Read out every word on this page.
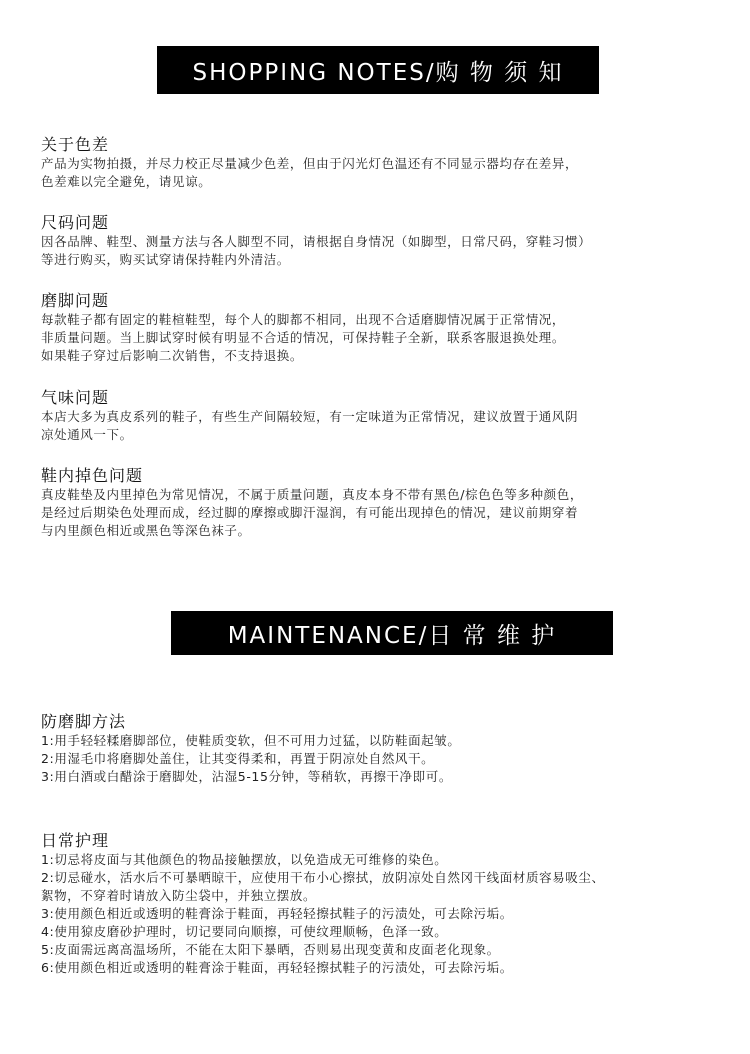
SHOPPING NOTES/购 物 须 知
关于色差

产品为实物拍摄，并尽力校正尽量减少色差，但由于闪光灯色温还有不同显示器均存在差异，

色差难以完全避免，请见谅。

尺码问题

因各品牌、鞋型、测量方法与各人脚型不同，请根据自身情况（如脚型，日常尺码，穿鞋习惯）

等进行购买，购买试穿请保持鞋内外清洁。

磨脚问题

每款鞋子都有固定的鞋楦鞋型，每个人的脚都不相同，出现不合适磨脚情况属于正常情况，

非质量问题。当上脚试穿时候有明显不合适的情况，可保持鞋子全新，联系客服退换处理。

如果鞋子穿过后影响二次销售，不支持退换。

气味问题

本店大多为真皮系列的鞋子，有些生产间隔较短，有一定味道为正常情况，建议放置于通风阴

凉处通风一下。

鞋内掉色问题

真皮鞋垫及内里掉色为常见情况，不属于质量问题，真皮本身不带有黑色/棕色色等多种颜色，

是经过后期染色处理而成，经过脚的摩擦或脚汗湿润，有可能出现掉色的情况，建议前期穿着

与内里颜色相近或黑色等深色袜子。

MAINTENANCE/日 常 维 护
防磨脚方法

1:用手轻轻糅磨脚部位，使鞋质变软，但不可用力过猛，以防鞋面起皱。

2:用湿毛巾将磨脚处盖住，让其变得柔和，再置于阴凉处自然风干。

3:用白酒或白醋涂于磨脚处，沾湿5-15分钟，等稍软，再擦干净即可。

日常护理

1:切忌将皮面与其他颜色的物品接触摆放，以免造成无可维修的染色。

2:切忌碰水，活水后不可暴晒晾干，应使用干布小心擦拭，放阴凉处自然冈干线面材质容易吸尘、

絮物，不穿着时请放入防尘袋中，并独立摆放。

3:使用颜色相近或透明的鞋膏涂于鞋面，再轻轻擦拭鞋子的污渍处，可去除污垢。

4:使用猄皮磨砂护理时，切记要同向顺擦，可使纹理顺畅，色泽一致。

5:皮面需远离高温场所，不能在太阳下暴晒，否则易出现变黄和皮面老化现象。

6:使用颜色相近或透明的鞋膏涂于鞋面，再轻轻擦拭鞋子的污渍处，可去除污垢。
